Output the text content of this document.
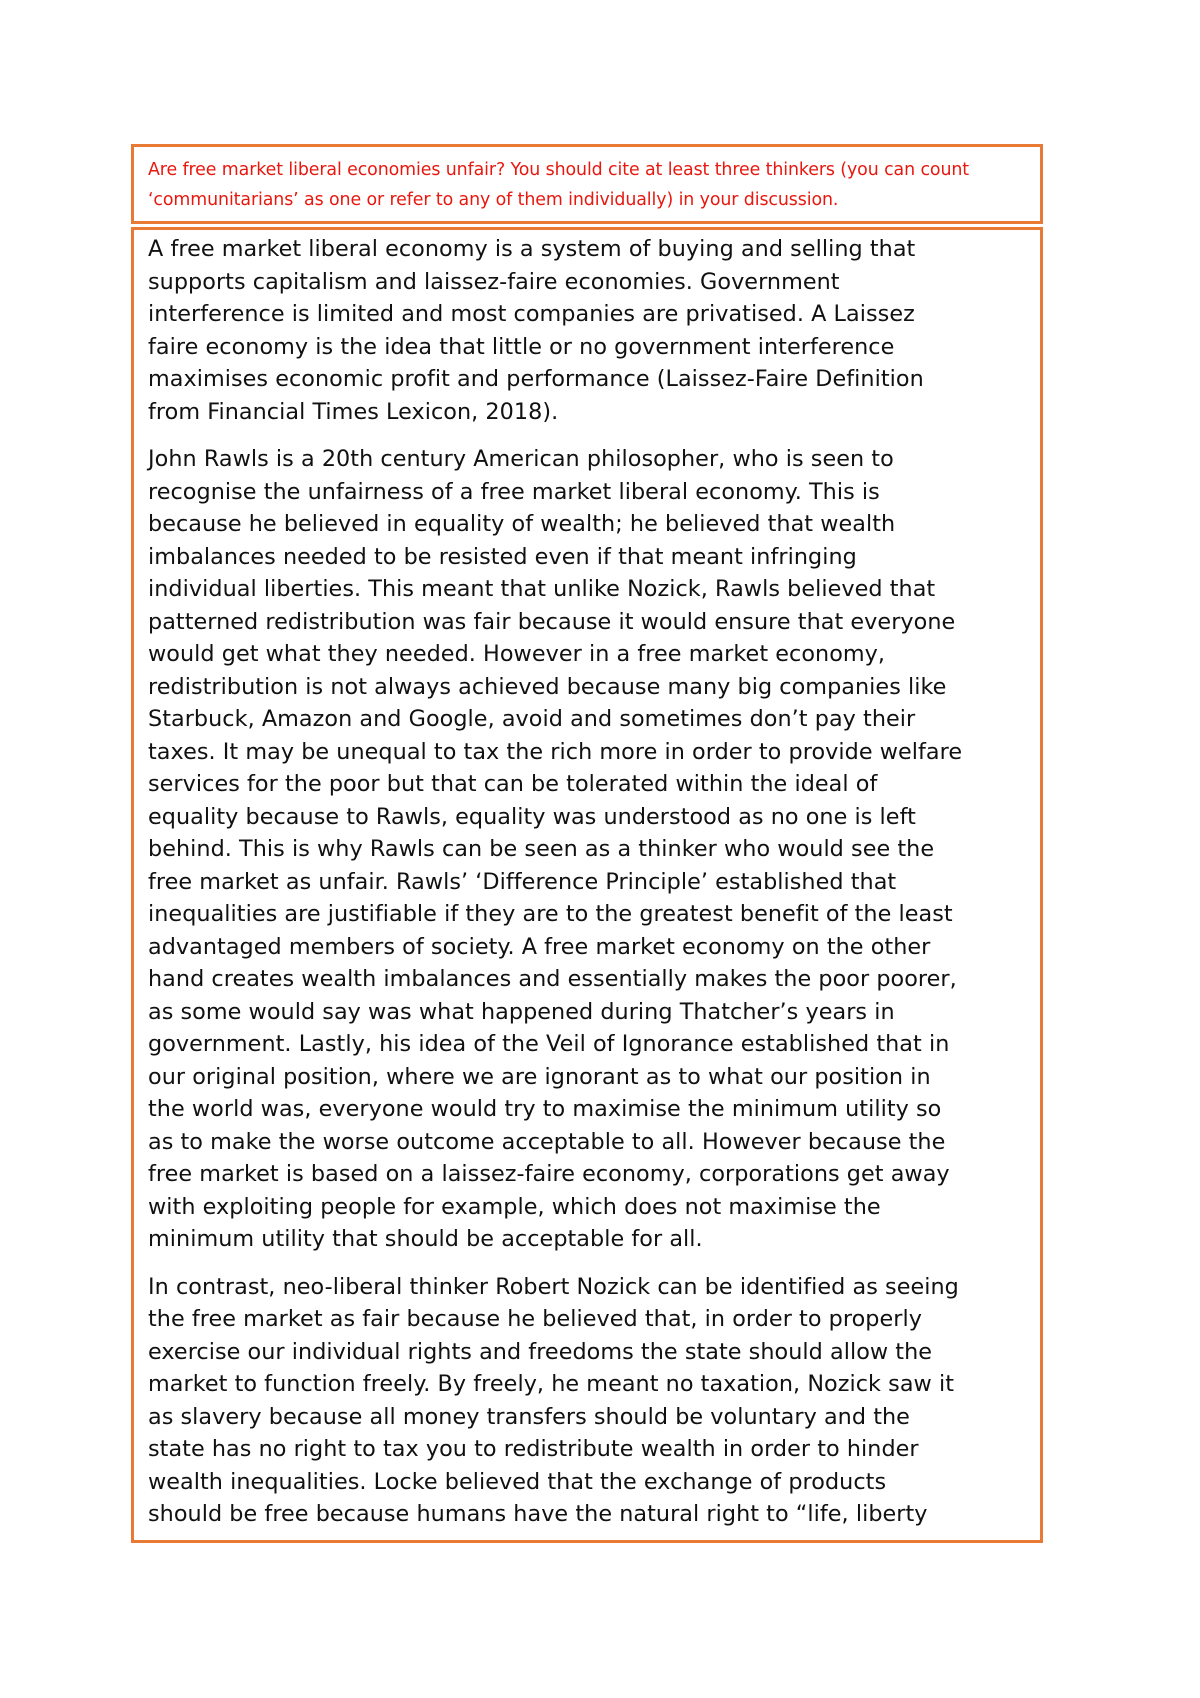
Are free market liberal economies unfair? You should cite at least three thinkers (you can count
‘communitarians’ as one or refer to any of them individually) in your discussion.

A free market liberal economy is a system of buying and selling that
supports capitalism and laissez-faire economies. Government
interference is limited and most companies are privatised. A Laissez
faire economy is the idea that little or no government interference
maximises economic profit and performance (Laissez-Faire Definition
from Financial Times Lexicon, 2018).

John Rawls is a 20th century American philosopher, who is seen to
recognise the unfairness of a free market liberal economy. This is
because he believed in equality of wealth; he believed that wealth
imbalances needed to be resisted even if that meant infringing
individual liberties. This meant that unlike Nozick, Rawls believed that
patterned redistribution was fair because it would ensure that everyone
would get what they needed. However in a free market economy,
redistribution is not always achieved because many big companies like
Starbuck, Amazon and Google, avoid and sometimes don’t pay their
taxes. It may be unequal to tax the rich more in order to provide welfare
services for the poor but that can be tolerated within the ideal of
equality because to Rawls, equality was understood as no one is left
behind. This is why Rawls can be seen as a thinker who would see the
free market as unfair. Rawls’ ‘Difference Principle’ established that
inequalities are justifiable if they are to the greatest benefit of the least
advantaged members of society. A free market economy on the other
hand creates wealth imbalances and essentially makes the poor poorer,
as some would say was what happened during Thatcher’s years in
government. Lastly, his idea of the Veil of Ignorance established that in
our original position, where we are ignorant as to what our position in
the world was, everyone would try to maximise the minimum utility so
as to make the worse outcome acceptable to all. However because the
free market is based on a laissez-faire economy, corporations get away
with exploiting people for example, which does not maximise the
minimum utility that should be acceptable for all.

In contrast, neo-liberal thinker Robert Nozick can be identified as seeing
the free market as fair because he believed that, in order to properly
exercise our individual rights and freedoms the state should allow the
market to function freely. By freely, he meant no taxation, Nozick saw it
as slavery because all money transfers should be voluntary and the
state has no right to tax you to redistribute wealth in order to hinder
wealth inequalities. Locke believed that the exchange of products
should be free because humans have the natural right to “life, liberty
